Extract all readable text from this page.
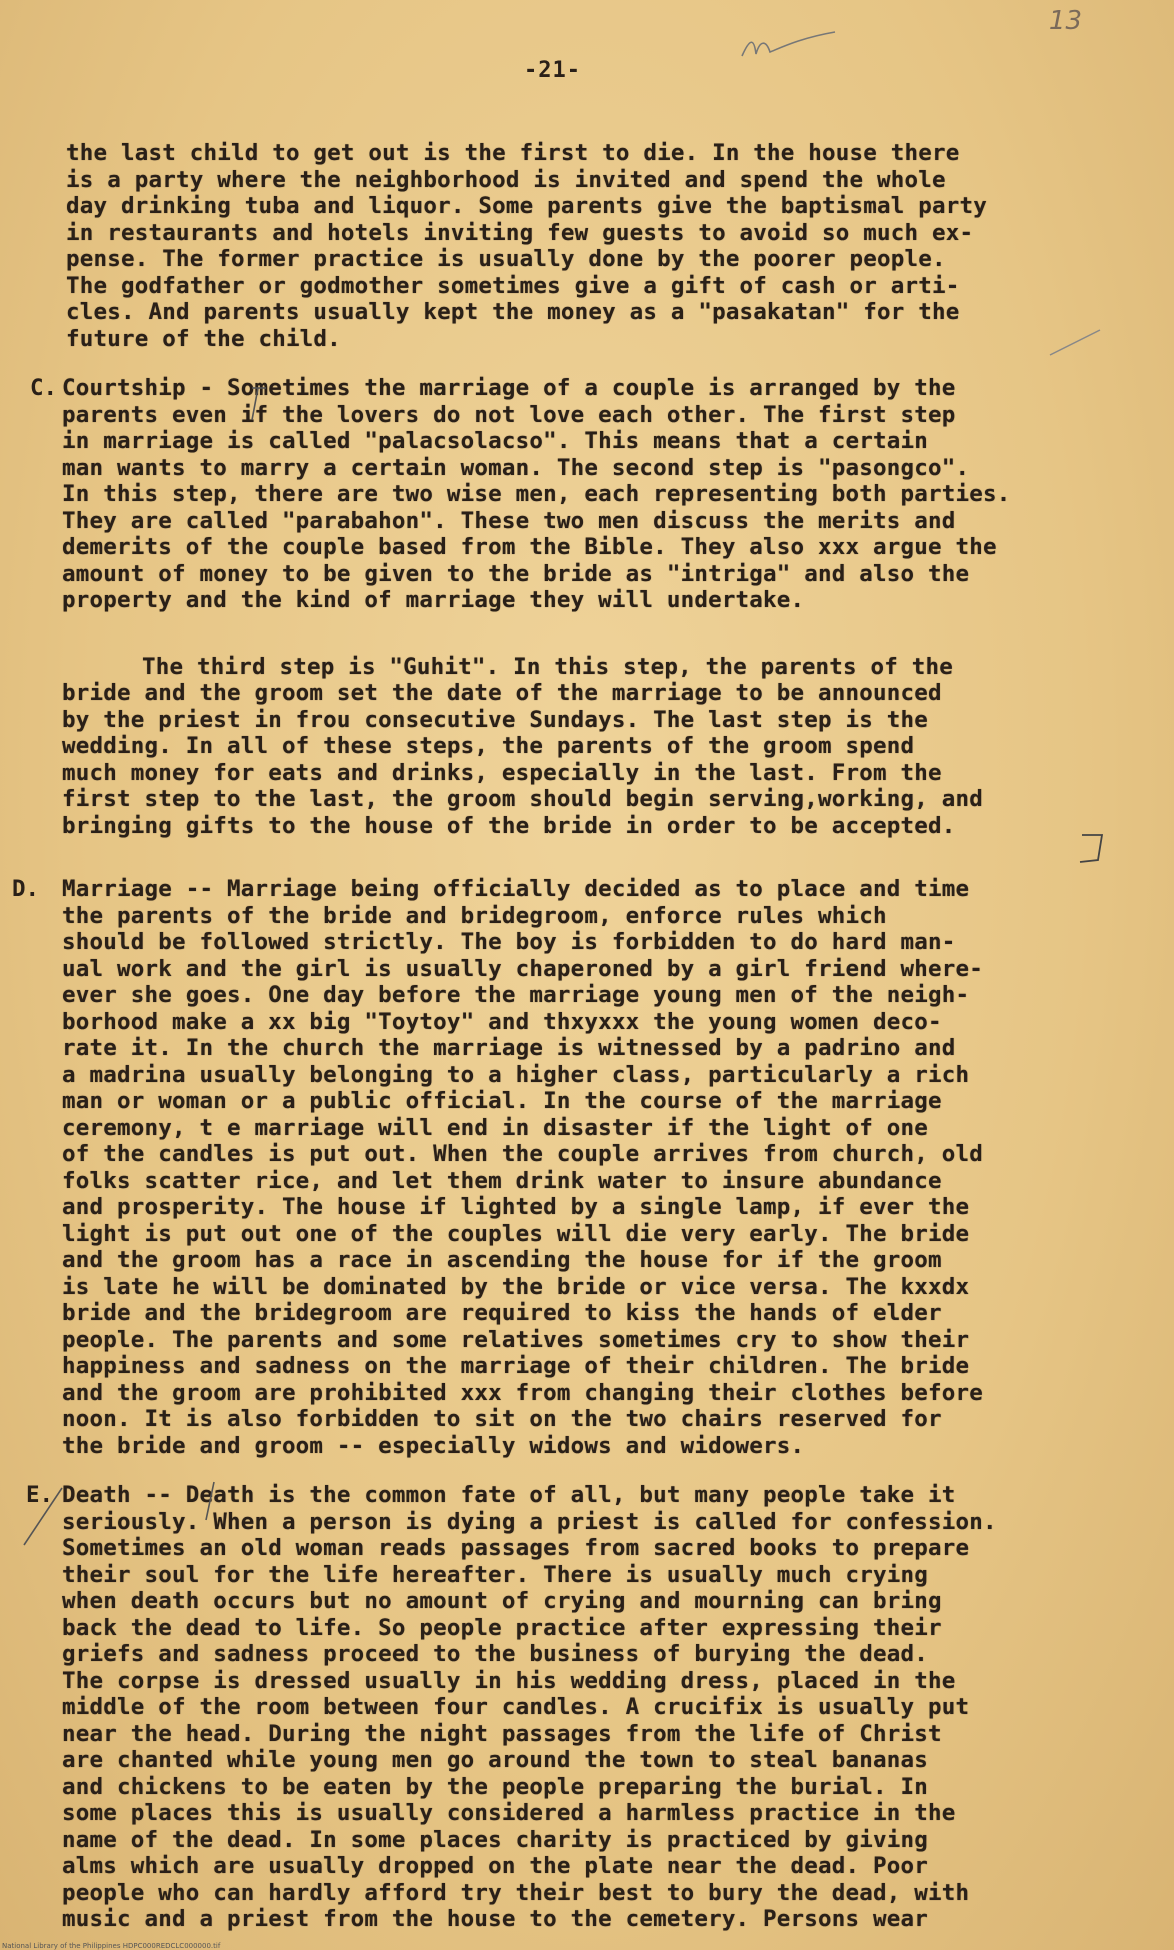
13
-21-
the last child to get out is the first to die. In the house there
is a party where the neighborhood is invited and spend the whole
day drinking tuba and liquor. Some parents give the baptismal party
in restaurants and hotels inviting few guests to avoid so much ex-
pense. The former practice is usually done by the poorer people.
The godfather or godmother sometimes give a gift of cash or arti-
cles. And parents usually kept the money as a "pasakatan" for the
future of the child.
C. Courtship - Sometimes the marriage of a couple is arranged by the
parents even if the lovers do not love each other. The first step
in marriage is called "palacsolacso". This means that a certain
man wants to marry a certain woman. The second step is "pasongco".
In this step, there are two wise men, each representing both parties.
They are called "parabahon". These two men discuss the merits and
demerits of the couple based from the Bible. They also xxx argue the
amount of money to be given to the bride as "intriga" and also the
property and the kind of marriage they will undertake.
The third step is "Guhit". In this step, the parents of the
bride and the groom set the date of the marriage to be announced
by the priest in frou consecutive Sundays. The last step is the
wedding. In all of these steps, the parents of the groom spend
much money for eats and drinks, especially in the last. From the
first step to the last, the groom should begin serving,working, and
bringing gifts to the house of the bride in order to be accepted.
D. Marriage -- Marriage being officially decided as to place and time
the parents of the bride and bridegroom, enforce rules which
should be followed strictly. The boy is forbidden to do hard man-
ual work and the girl is usually chaperoned by a girl friend where-
ever she goes. One day before the marriage young men of the neigh-
borhood make a xx big "Toytoy" and thxyxxx the young women deco-
rate it. In the church the marriage is witnessed by a padrino and
a madrina usually belonging to a higher class, particularly a rich
man or woman or a public official. In the course of the marriage
ceremony, t e marriage will end in disaster if the light of one
of the candles is put out. When the couple arrives from church, old
folks scatter rice, and let them drink water to insure abundance
and prosperity. The house if lighted by a single lamp, if ever the
light is put out one of the couples will die very early. The bride
and the groom has a race in ascending the house for if the groom
is late he will be dominated by the bride or vice versa. The kxxdx
bride and the bridegroom are required to kiss the hands of elder
people. The parents and some relatives sometimes cry to show their
happiness and sadness on the marriage of their children. The bride
and the groom are prohibited xxx from changing their clothes before
noon. It is also forbidden to sit on the two chairs reserved for
the bride and groom -- especially widows and widowers.
E. Death -- Death is the common fate of all, but many people take it
seriously. When a person is dying a priest is called for confession.
Sometimes an old woman reads passages from sacred books to prepare
their soul for the life hereafter. There is usually much crying
when death occurs but no amount of crying and mourning can bring
back the dead to life. So people practice after expressing their
griefs and sadness proceed to the business of burying the dead.
The corpse is dressed usually in his wedding dress, placed in the
middle of the room between four candles. A crucifix is usually put
near the head. During the night passages from the life of Christ
are chanted while young men go around the town to steal bananas
and chickens to be eaten by the people preparing the burial. In
some places this is usually considered a harmless practice in the
name of the dead. In some places charity is practiced by giving
alms which are usually dropped on the plate near the dead. Poor
people who can hardly afford try their best to bury the dead, with
music and a priest from the house to the cemetery. Persons wear
National Library of the Philippines HDPC000REDCLC000000.tif
